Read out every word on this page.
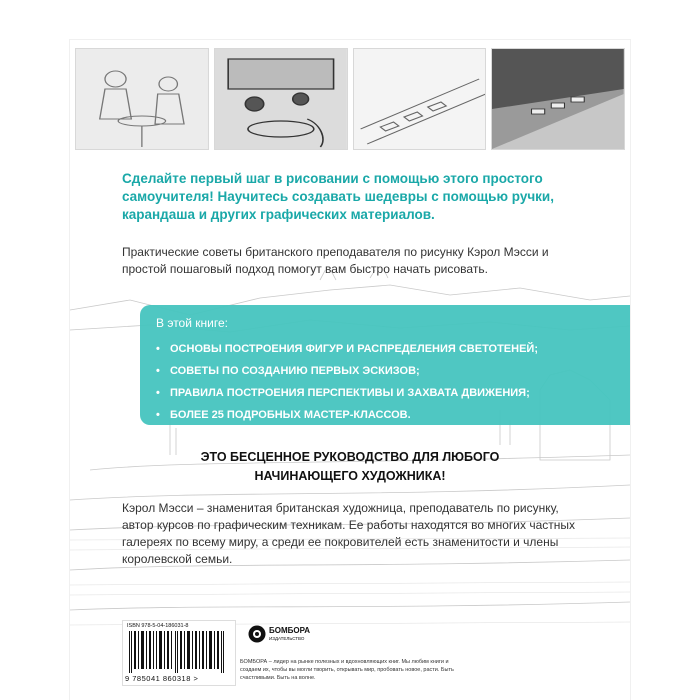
Сделайте первый шаг в рисовании с помощью этого простого самоучителя! Научитесь создавать шедевры с помощью ручки, карандаша и других графических материалов.
Практические советы британского преподавателя по рисунку Кэрол Мэсси и простой пошаговый подход помогут вам быстро начать рисовать.
В этой книге:
• ОСНОВЫ ПОСТРОЕНИЯ ФИГУР И РАСПРЕДЕЛЕНИЯ СВЕТОТЕНЕЙ;
• СОВЕТЫ ПО СОЗДАНИЮ ПЕРВЫХ ЭСКИЗОВ;
• ПРАВИЛА ПОСТРОЕНИЯ ПЕРСПЕКТИВЫ И ЗАХВАТА ДВИЖЕНИЯ;
• БОЛЕЕ 25 ПОДРОБНЫХ МАСТЕР-КЛАССОВ.
ЭТО БЕСЦЕННОЕ РУКОВОДСТВО ДЛЯ ЛЮБОГО
НАЧИНАЮЩЕГО ХУДОЖНИКА!
Кэрол Мэсси – знаменитая британская художница, преподаватель по рисунку, автор курсов по графическим техникам. Ее работы находятся во многих частных галереях по всему миру, а среди ее покровителей есть знаменитости и члены королевской семьи.
ISBN 978-5-04-186031-8
9 785041 860318 >
БОМБОРА
ИЗДАТЕЛЬСТВО
БОМБОРА – лидер на рынке полезных и вдохновляющих книг. Мы любим книги и создаем их, чтобы вы могли творить, открывать мир, пробовать новое, расти. Быть счастливыми. Быть на волне.
